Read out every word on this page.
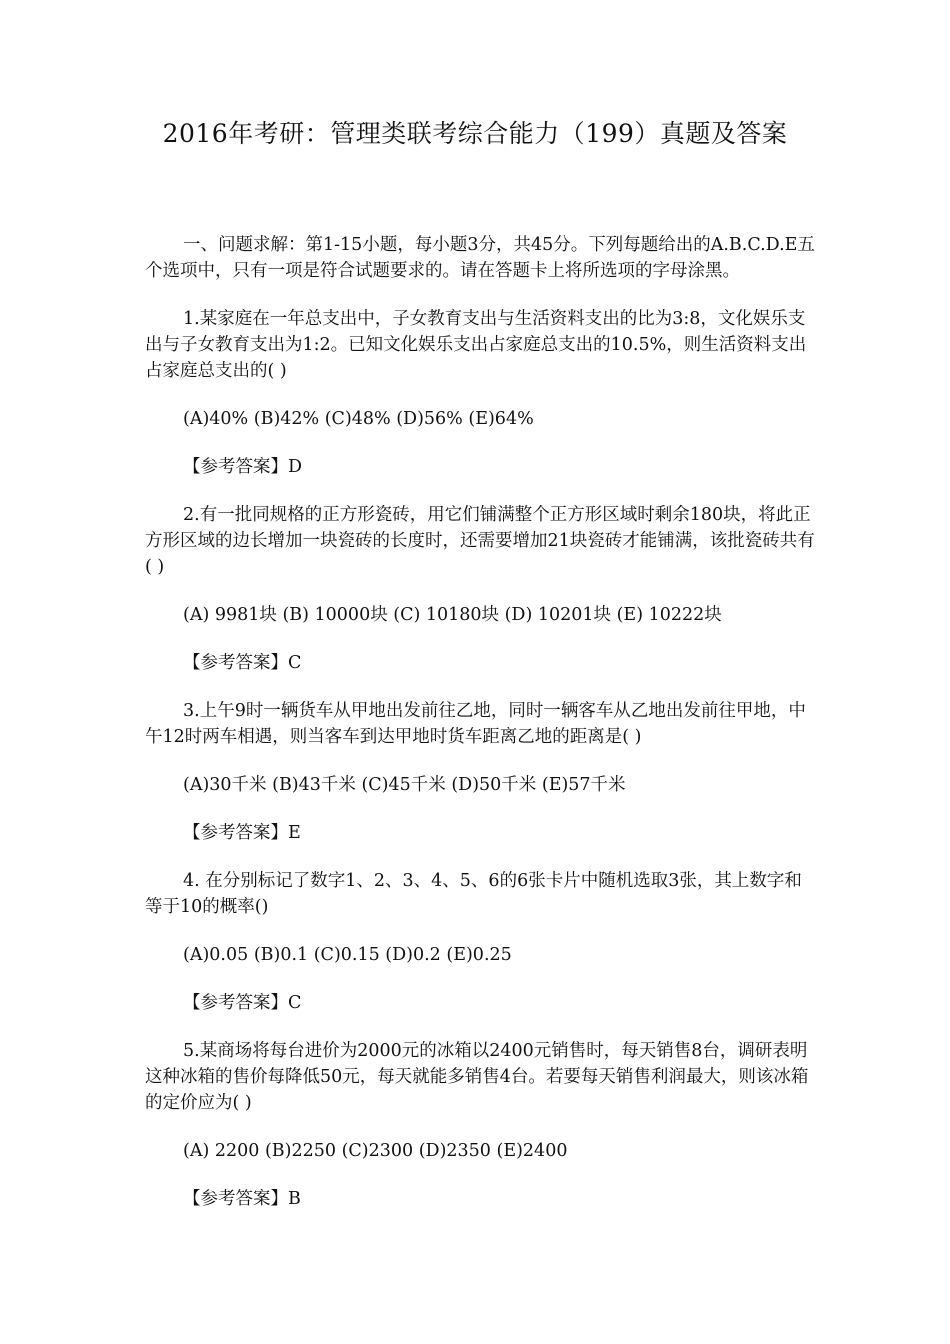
2016年考研：管理类联考综合能力（199）真题及答案

一、问题求解：第1-15小题，每小题3分，共45分。下列每题给出的A.B.C.D.E五个选项中，只有一项是符合试题要求的。请在答题卡上将所选项的字母涂黑。

1.某家庭在一年总支出中，子女教育支出与生活资料支出的比为3:8，文化娱乐支出与子女教育支出为1:2。已知文化娱乐支出占家庭总支出的10.5%，则生活资料支出占家庭总支出的( )

(A)40% (B)42% (C)48% (D)56% (E)64%

【参考答案】D

2.有一批同规格的正方形瓷砖，用它们铺满整个正方形区域时剩余180块，将此正方形区域的边长增加一块瓷砖的长度时，还需要增加21块瓷砖才能铺满，该批瓷砖共有( )

(A) 9981块 (B) 10000块 (C) 10180块 (D) 10201块 (E) 10222块

【参考答案】C

3.上午9时一辆货车从甲地出发前往乙地，同时一辆客车从乙地出发前往甲地，中午12时两车相遇，则当客车到达甲地时货车距离乙地的距离是( )

(A)30千米 (B)43千米 (C)45千米 (D)50千米 (E)57千米

【参考答案】E

4. 在分别标记了数字1、2、3、4、5、6的6张卡片中随机选取3张，其上数字和等于10的概率()

(A)0.05 (B)0.1 (C)0.15 (D)0.2 (E)0.25

【参考答案】C

5.某商场将每台进价为2000元的冰箱以2400元销售时，每天销售8台，调研表明这种冰箱的售价每降低50元，每天就能多销售4台。若要每天销售利润最大，则该冰箱的定价应为( )

(A) 2200 (B)2250 (C)2300 (D)2350 (E)2400

【参考答案】B
